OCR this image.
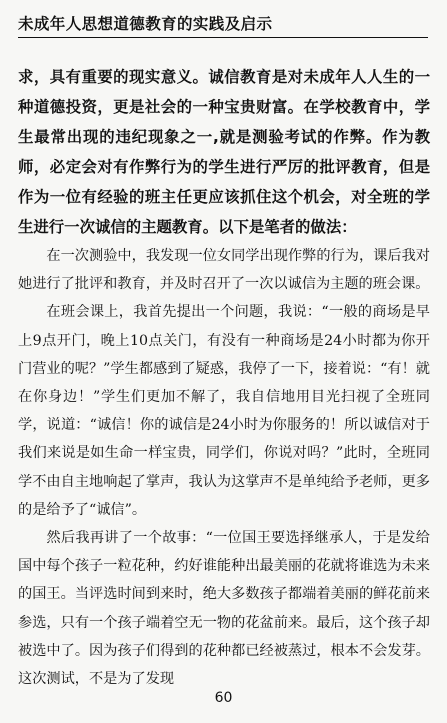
未成年人思想道德教育的实践及启示

求，具有重要的现实意义。诚信教育是对未成年人人生的一种道德投资，更是社会的一种宝贵财富。在学校教育中，学生最常出现的违纪现象之一,就是测验考试的作弊。作为教师，必定会对有作弊行为的学生进行严厉的批评教育，但是作为一位有经验的班主任更应该抓住这个机会，对全班的学生进行一次诚信的主题教育。以下是笔者的做法：

在一次测验中，我发现一位女同学出现作弊的行为，课后我对她进行了批评和教育，并及时召开了一次以诚信为主题的班会课。

在班会课上，我首先提出一个问题，我说：“一般的商场是早上9点开门，晚上10点关门，有没有一种商场是24小时都为你开门营业的呢？”学生都感到了疑惑，我停了一下，接着说：“有！就在你身边！”学生们更加不解了，我自信地用目光扫视了全班同学，说道：“诚信！你的诚信是24小时为你服务的！所以诚信对于我们来说是如生命一样宝贵，同学们，你说对吗？”此时，全班同学不由自主地响起了掌声，我认为这掌声不是单纯给予老师，更多的是给予了“诚信”。

然后我再讲了一个故事：“一位国王要选择继承人，于是发给国中每个孩子一粒花种，约好谁能种出最美丽的花就将谁选为未来的国王。当评选时间到来时，绝大多数孩子都端着美丽的鲜花前来参选，只有一个孩子端着空无一物的花盆前来。最后，这个孩子却被选中了。因为孩子们得到的花种都已经被蒸过，根本不会发芽。这次测试，不是为了发现

60
